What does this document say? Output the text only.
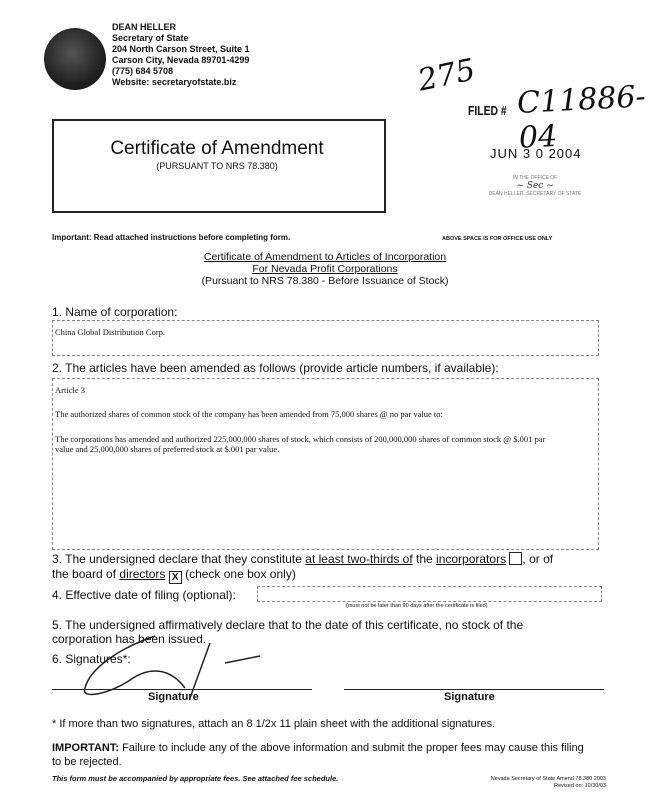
DEAN HELLER
Secretary of State
204 North Carson Street, Suite 1
Carson City, Nevada 89701-4299
(775) 684 5708
Website: secretaryofstate.biz
Certificate of Amendment
(PURSUANT TO NRS 78.380)
275
FILED # C11886-04
JUN 3 0 2004
IN THE OFFICE OF
~ Sec ~
DEAN HELLER, SECRETARY OF STATE
Important: Read attached instructions before completing form.	ABOVE SPACE IS FOR OFFICE USE ONLY
Certificate of Amendment to Articles of Incorporation
For Nevada Profit Corporations
(Pursuant to NRS 78.380 - Before Issuance of Stock)
1. Name of corporation:
China Global Distribution Corp.
2. The articles have been amended as follows (provide article numbers, if available):
Article 3
The authorized shares of common stock of the company has been amended from 75,000 shares @ no par value to:
The corporations has amended and authorized 225,000,000 shares of stock, which consists of 200,000,000 shares of common stock @ $.001 par value and 25,000,000 shares of preferred stock at $.001 par value.
3. The undersigned declare that they constitute at least two-thirds of the incorporators , or of
the board of directors X (check one box only)
4. Effective date of filing (optional):
(must not be later than 90 days after the certificate is filed)
5. The undersigned affirmatively declare that to the date of this certificate, no stock of the
corporation has been issued.
6. Signatures*:
Signature	Signature
* If more than two signatures, attach an 8 1/2x 11 plain sheet with the additional signatures.
IMPORTANT: Failure to include any of the above information and submit the proper fees may cause this filing to be rejected.
This form must be accompanied by appropriate fees. See attached fee schedule.	Nevada Secretary of State Amend 78.380 2003
Revised on: 10/30/03
